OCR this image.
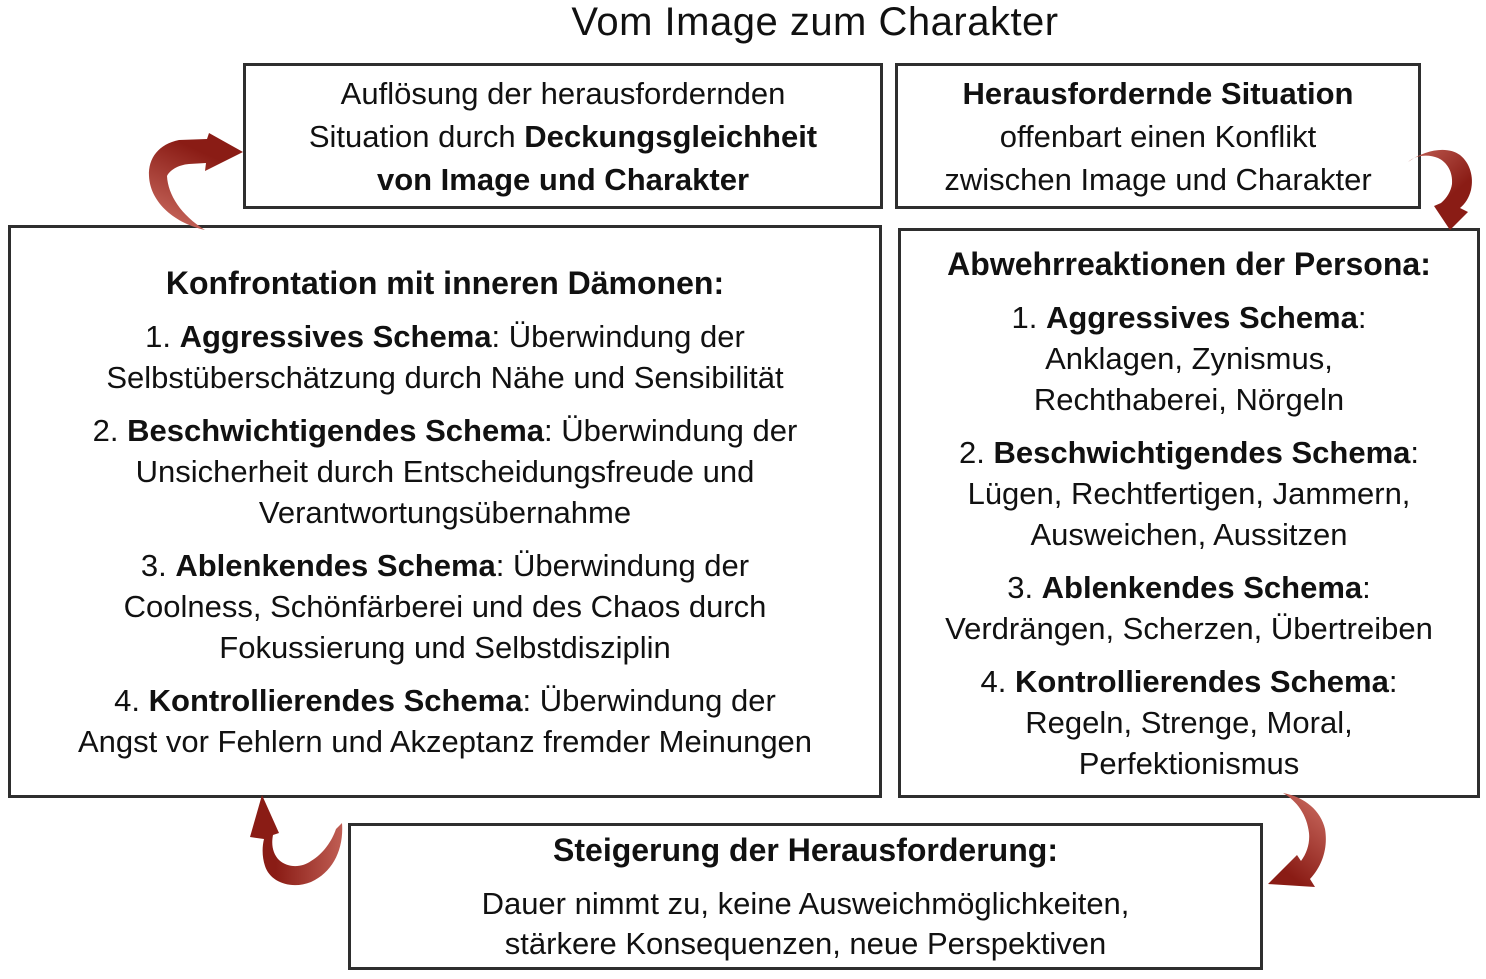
Vom Image zum Charakter
Auflösung der herausfordernden
Situation durch Deckungsgleichheit
von Image und Charakter
Herausfordernde Situation
offenbart einen Konflikt
zwischen Image und Charakter
Konfrontation mit inneren Dämonen:
1. Aggressives Schema: Überwindung der
Selbstüberschätzung durch Nähe und Sensibilität
2. Beschwichtigendes Schema: Überwindung der
Unsicherheit durch Entscheidungsfreude und
Verantwortungsübernahme
3. Ablenkendes Schema: Überwindung der
Coolness, Schönfärberei und des Chaos durch
Fokussierung und Selbstdisziplin
4. Kontrollierendes Schema: Überwindung der
Angst vor Fehlern und Akzeptanz fremder Meinungen
Abwehrreaktionen der Persona:
1. Aggressives Schema:
Anklagen, Zynismus,
Rechthaberei, Nörgeln
2. Beschwichtigendes Schema:
Lügen, Rechtfertigen, Jammern,
Ausweichen, Aussitzen
3. Ablenkendes Schema:
Verdrängen, Scherzen, Übertreiben
4. Kontrollierendes Schema:
Regeln, Strenge, Moral,
Perfektionismus
Steigerung der Herausforderung:
Dauer nimmt zu, keine Ausweichmöglichkeiten,
stärkere Konsequenzen, neue Perspektiven
